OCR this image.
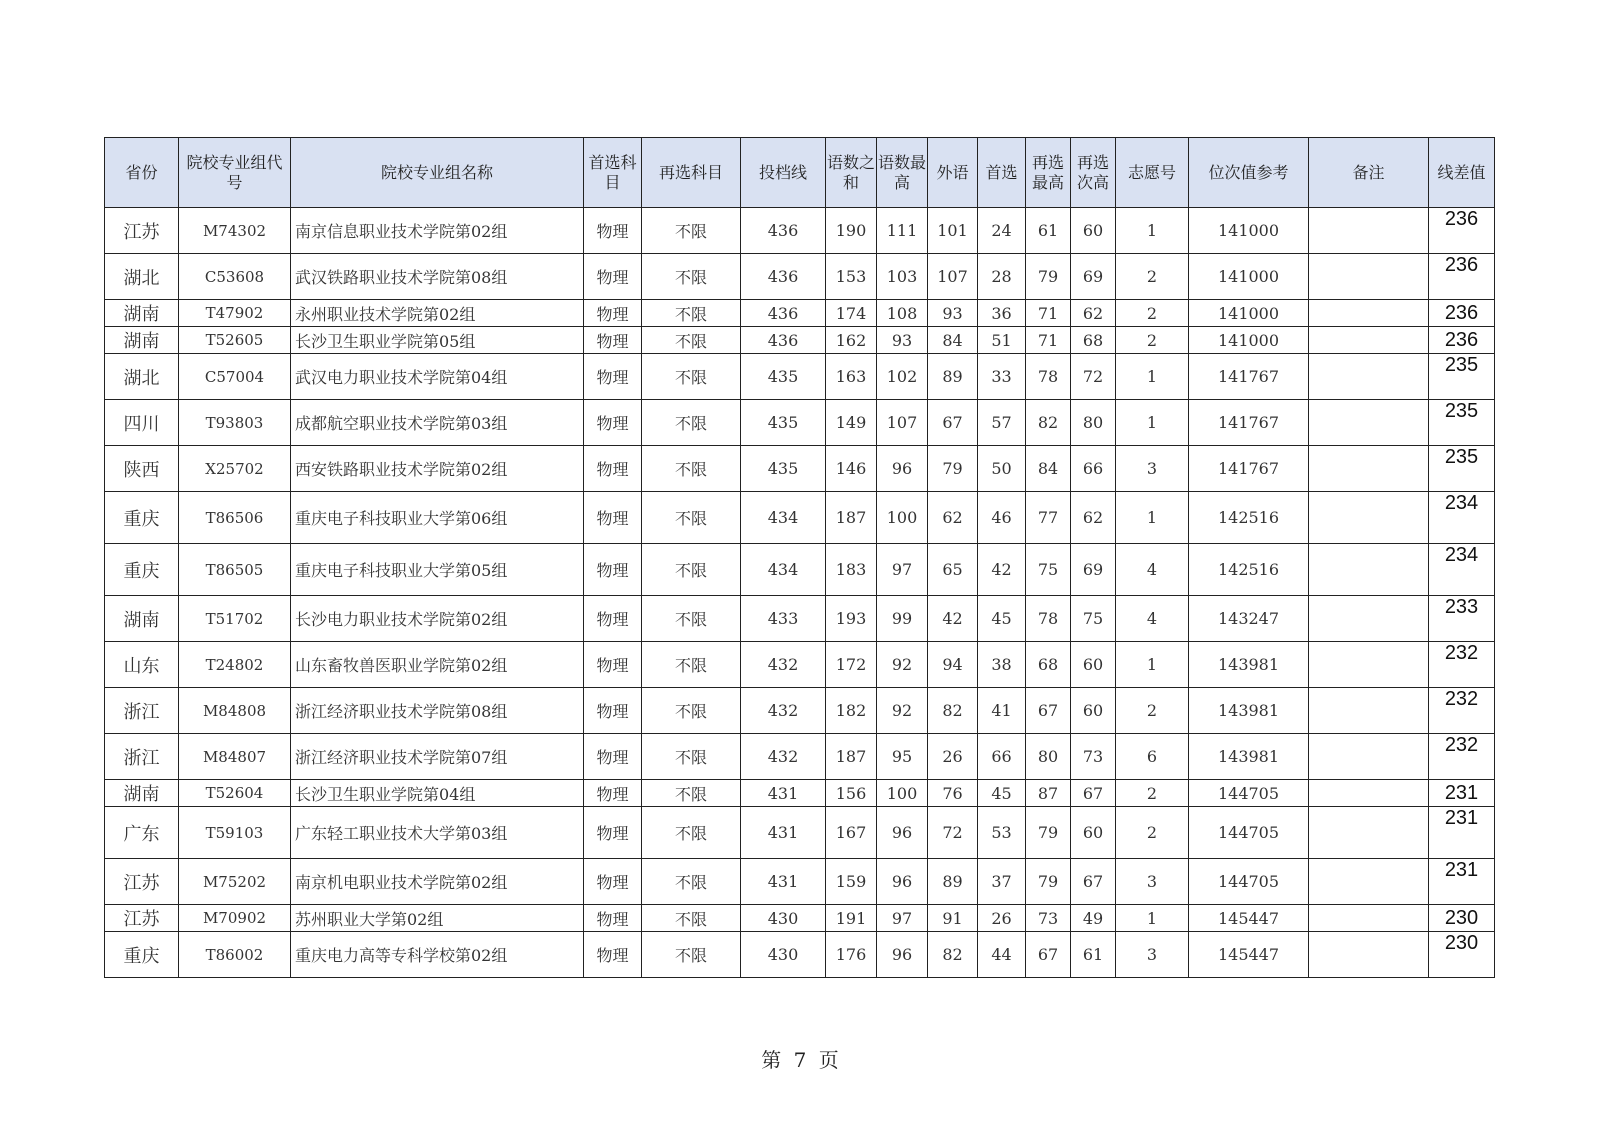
省份	院校专业组代号	院校专业组名称	首选科目	再选科目	投档线	语数之和	语数最高	外语	首选	再选最高	再选次高	志愿号	位次值参考	备注	线差值
江苏	M74302	南京信息职业技术学院第02组	物理	不限	436	190	111	101	24	61	60	1	141000		236
湖北	C53608	武汉铁路职业技术学院第08组	物理	不限	436	153	103	107	28	79	69	2	141000		236
湖南	T47902	永州职业技术学院第02组	物理	不限	436	174	108	93	36	71	62	2	141000		236
湖南	T52605	长沙卫生职业学院第05组	物理	不限	436	162	93	84	51	71	68	2	141000		236
湖北	C57004	武汉电力职业技术学院第04组	物理	不限	435	163	102	89	33	78	72	1	141767		235
四川	T93803	成都航空职业技术学院第03组	物理	不限	435	149	107	67	57	82	80	1	141767		235
陕西	X25702	西安铁路职业技术学院第02组	物理	不限	435	146	96	79	50	84	66	3	141767		235
重庆	T86506	重庆电子科技职业大学第06组	物理	不限	434	187	100	62	46	77	62	1	142516		234
重庆	T86505	重庆电子科技职业大学第05组	物理	不限	434	183	97	65	42	75	69	4	142516		234
湖南	T51702	长沙电力职业技术学院第02组	物理	不限	433	193	99	42	45	78	75	4	143247		233
山东	T24802	山东畜牧兽医职业学院第02组	物理	不限	432	172	92	94	38	68	60	1	143981		232
浙江	M84808	浙江经济职业技术学院第08组	物理	不限	432	182	92	82	41	67	60	2	143981		232
浙江	M84807	浙江经济职业技术学院第07组	物理	不限	432	187	95	26	66	80	73	6	143981		232
湖南	T52604	长沙卫生职业学院第04组	物理	不限	431	156	100	76	45	87	67	2	144705		231
广东	T59103	广东轻工职业技术大学第03组	物理	不限	431	167	96	72	53	79	60	2	144705		231
江苏	M75202	南京机电职业技术学院第02组	物理	不限	431	159	96	89	37	79	67	3	144705		231
江苏	M70902	苏州职业大学第02组	物理	不限	430	191	97	91	26	73	49	1	145447		230
重庆	T86002	重庆电力高等专科学校第02组	物理	不限	430	176	96	82	44	67	61	3	145447		230
第 7 页
